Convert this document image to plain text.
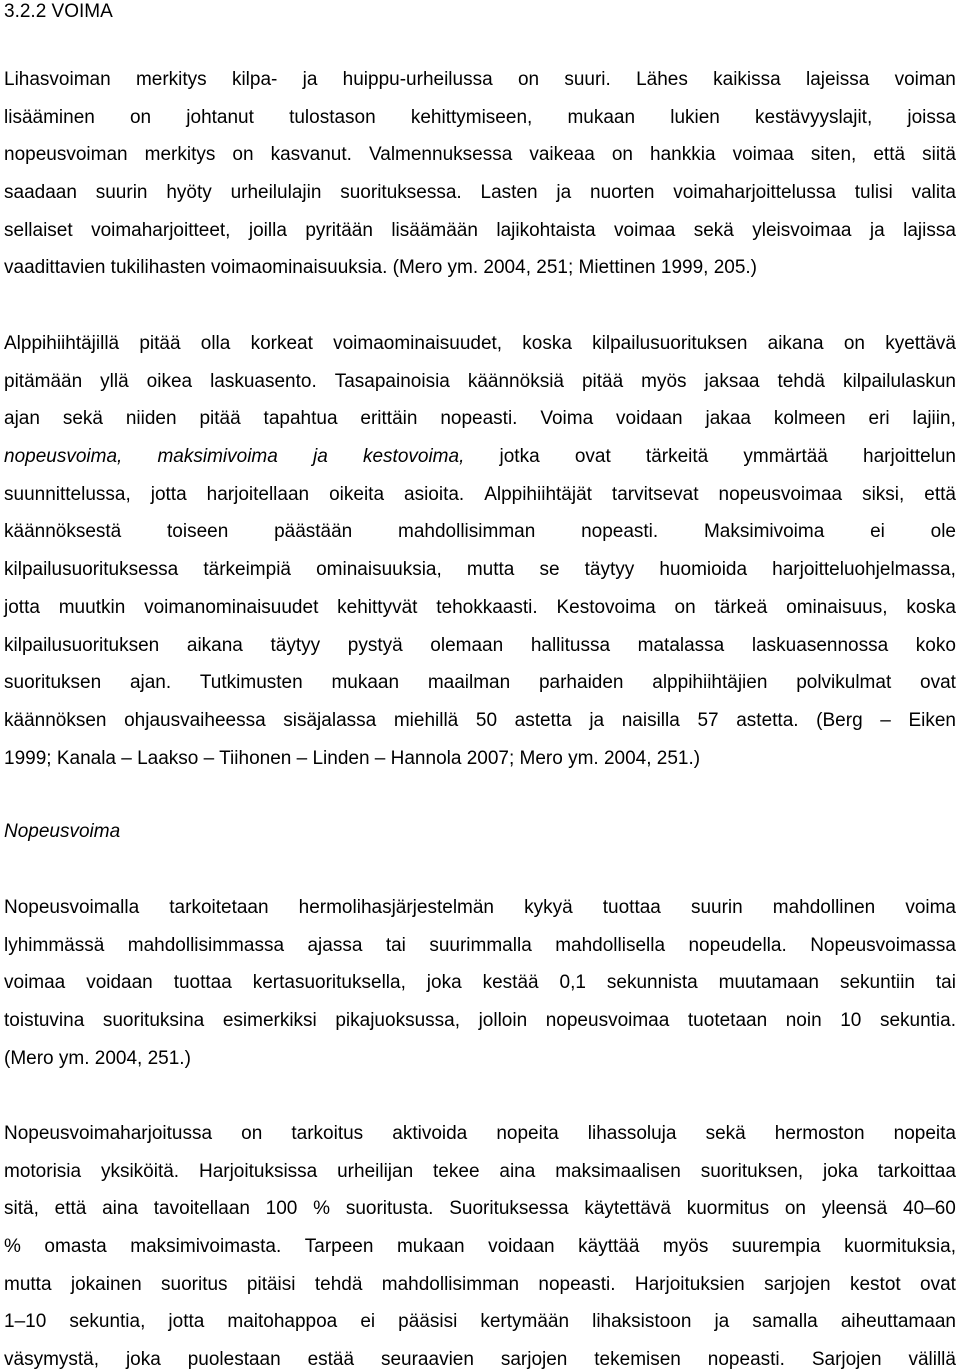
3.2.2 VOIMA
Lihasvoiman merkitys kilpa- ja huippu-urheilussa on suuri. Lähes kaikissa lajeissa voiman
lisääminen on johtanut tulostason kehittymiseen, mukaan lukien kestävyyslajit, joissa
nopeusvoiman merkitys on kasvanut. Valmennuksessa vaikeaa on hankkia voimaa siten, että siitä
saadaan suurin hyöty urheilulajin suorituksessa. Lasten ja nuorten voimaharjoittelussa tulisi valita
sellaiset voimaharjoitteet, joilla pyritään lisäämään lajikohtaista voimaa sekä yleisvoimaa ja lajissa
vaadittavien tukilihasten voimaominaisuuksia. (Mero ym. 2004, 251; Miettinen 1999, 205.)
Alppihiihtäjillä pitää olla korkeat voimaominaisuudet, koska kilpailusuorituksen aikana on kyettävä
pitämään yllä oikea laskuasento. Tasapainoisia käännöksiä pitää myös jaksaa tehdä kilpailulaskun
ajan sekä niiden pitää tapahtua erittäin nopeasti. Voima voidaan jakaa kolmeen eri lajiin,
nopeusvoima, maksimivoima ja kestovoima, jotka ovat tärkeitä ymmärtää harjoittelun
suunnittelussa, jotta harjoitellaan oikeita asioita. Alppihiihtäjät tarvitsevat nopeusvoimaa siksi, että
käännöksestä toiseen päästään mahdollisimman nopeasti. Maksimivoima ei ole
kilpailusuorituksessa tärkeimpiä ominaisuuksia, mutta se täytyy huomioida harjoitteluohjelmassa,
jotta muutkin voimanominaisuudet kehittyvät tehokkaasti. Kestovoima on tärkeä ominaisuus, koska
kilpailusuorituksen aikana täytyy pystyä olemaan hallitussa matalassa laskuasennossa koko
suorituksen ajan. Tutkimusten mukaan maailman parhaiden alppihiihtäjien polvikulmat ovat
käännöksen ohjausvaiheessa sisäjalassa miehillä 50 astetta ja naisilla 57 astetta. (Berg – Eiken
1999; Kanala – Laakso – Tiihonen – Linden – Hannola 2007; Mero ym. 2004, 251.)
Nopeusvoima
Nopeusvoimalla tarkoitetaan hermolihasjärjestelmän kykyä tuottaa suurin mahdollinen voima
lyhimmässä mahdollisimmassa ajassa tai suurimmalla mahdollisella nopeudella. Nopeusvoimassa
voimaa voidaan tuottaa kertasuorituksella, joka kestää 0,1 sekunnista muutamaan sekuntiin tai
toistuvina suorituksina esimerkiksi pikajuoksussa, jolloin nopeusvoimaa tuotetaan noin 10 sekuntia.
(Mero ym. 2004, 251.)
Nopeusvoimaharjoitussa on tarkoitus aktivoida nopeita lihassoluja sekä hermoston nopeita
motorisia yksiköitä. Harjoituksissa urheilijan tekee aina maksimaalisen suorituksen, joka tarkoittaa
sitä, että aina tavoitellaan 100 % suoritusta. Suorituksessa käytettävä kuormitus on yleensä 40–60
% omasta maksimivoimasta. Tarpeen mukaan voidaan käyttää myös suurempia kuormituksia,
mutta jokainen suoritus pitäisi tehdä mahdollisimman nopeasti. Harjoituksien sarjojen kestot ovat
1–10 sekuntia, jotta maitohappoa ei pääsisi kertymään lihaksistoon ja samalla aiheuttamaan
väsymystä, joka puolestaan estää seuraavien sarjojen tekemisen nopeasti. Sarjojen välillä
